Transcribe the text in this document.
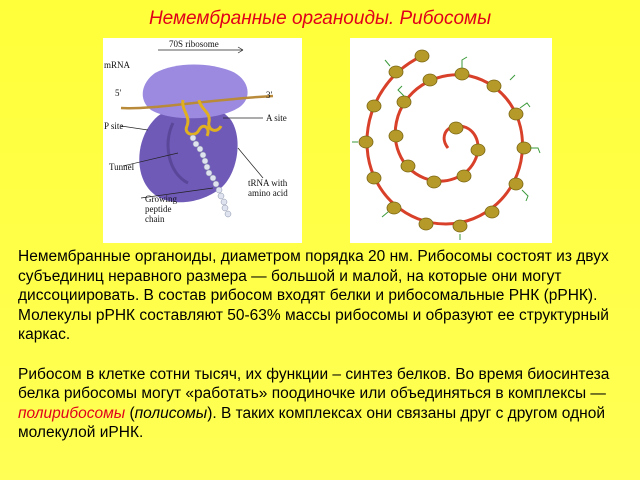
Немембранные органоиды. Рибосомы
70S ribosome
mRNA
5′	3′
A site
P site
Tunnel
tRNA with
amino acid
Growing
peptide
chain

Немембранные органоиды, диаметром порядка 20 нм. Рибосомы состоят из двух субъединиц неравного размера — большой и малой, на которые они могут диссоциировать. В состав рибосом входят белки и рибосомальные РНК (рРНК). Молекулы рРНК составляют 50-63% массы рибосомы и образуют ее структурный каркас.

Рибосом в клетке сотни тысяч, их функции – синтез белков. Во время биосинтеза белка рибосомы могут «работать» поодиночке или объединяться в комплексы — полирибосомы (полисомы). В таких комплексах они связаны друг с другом одной молекулой иРНК.
